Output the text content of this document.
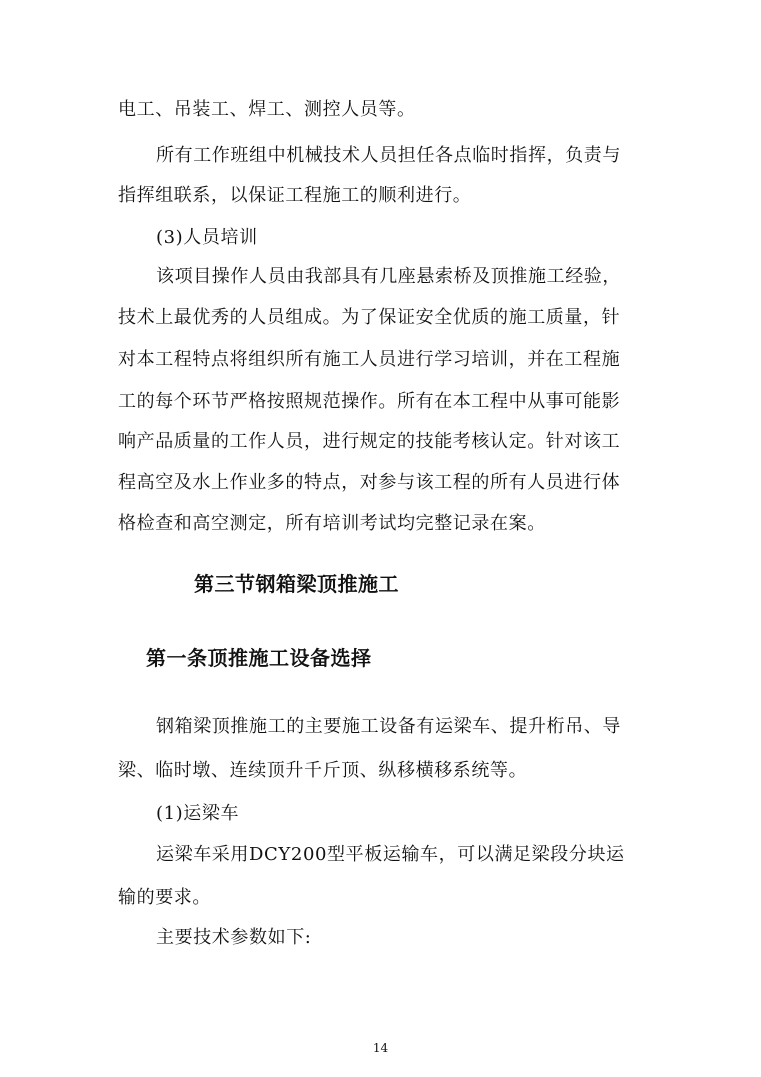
电工、吊装工、焊工、测控人员等。
所有工作班组中机械技术人员担任各点临时指挥，负责与
指挥组联系，以保证工程施工的顺利进行。
(3)人员培训
该项目操作人员由我部具有几座悬索桥及顶推施工经验，
技术上最优秀的人员组成。为了保证安全优质的施工质量，针
对本工程特点将组织所有施工人员进行学习培训，并在工程施
工的每个环节严格按照规范操作。所有在本工程中从事可能影
响产品质量的工作人员，进行规定的技能考核认定。针对该工
程高空及水上作业多的特点，对参与该工程的所有人员进行体
格检查和高空测定，所有培训考试均完整记录在案。
第三节钢箱梁顶推施工
第一条顶推施工设备选择
钢箱梁顶推施工的主要施工设备有运梁车、提升桁吊、导
梁、临时墩、连续顶升千斤顶、纵移横移系统等。
(1)运梁车
运梁车采用DCY200型平板运输车，可以满足梁段分块运
输的要求。
主要技术参数如下:
14
